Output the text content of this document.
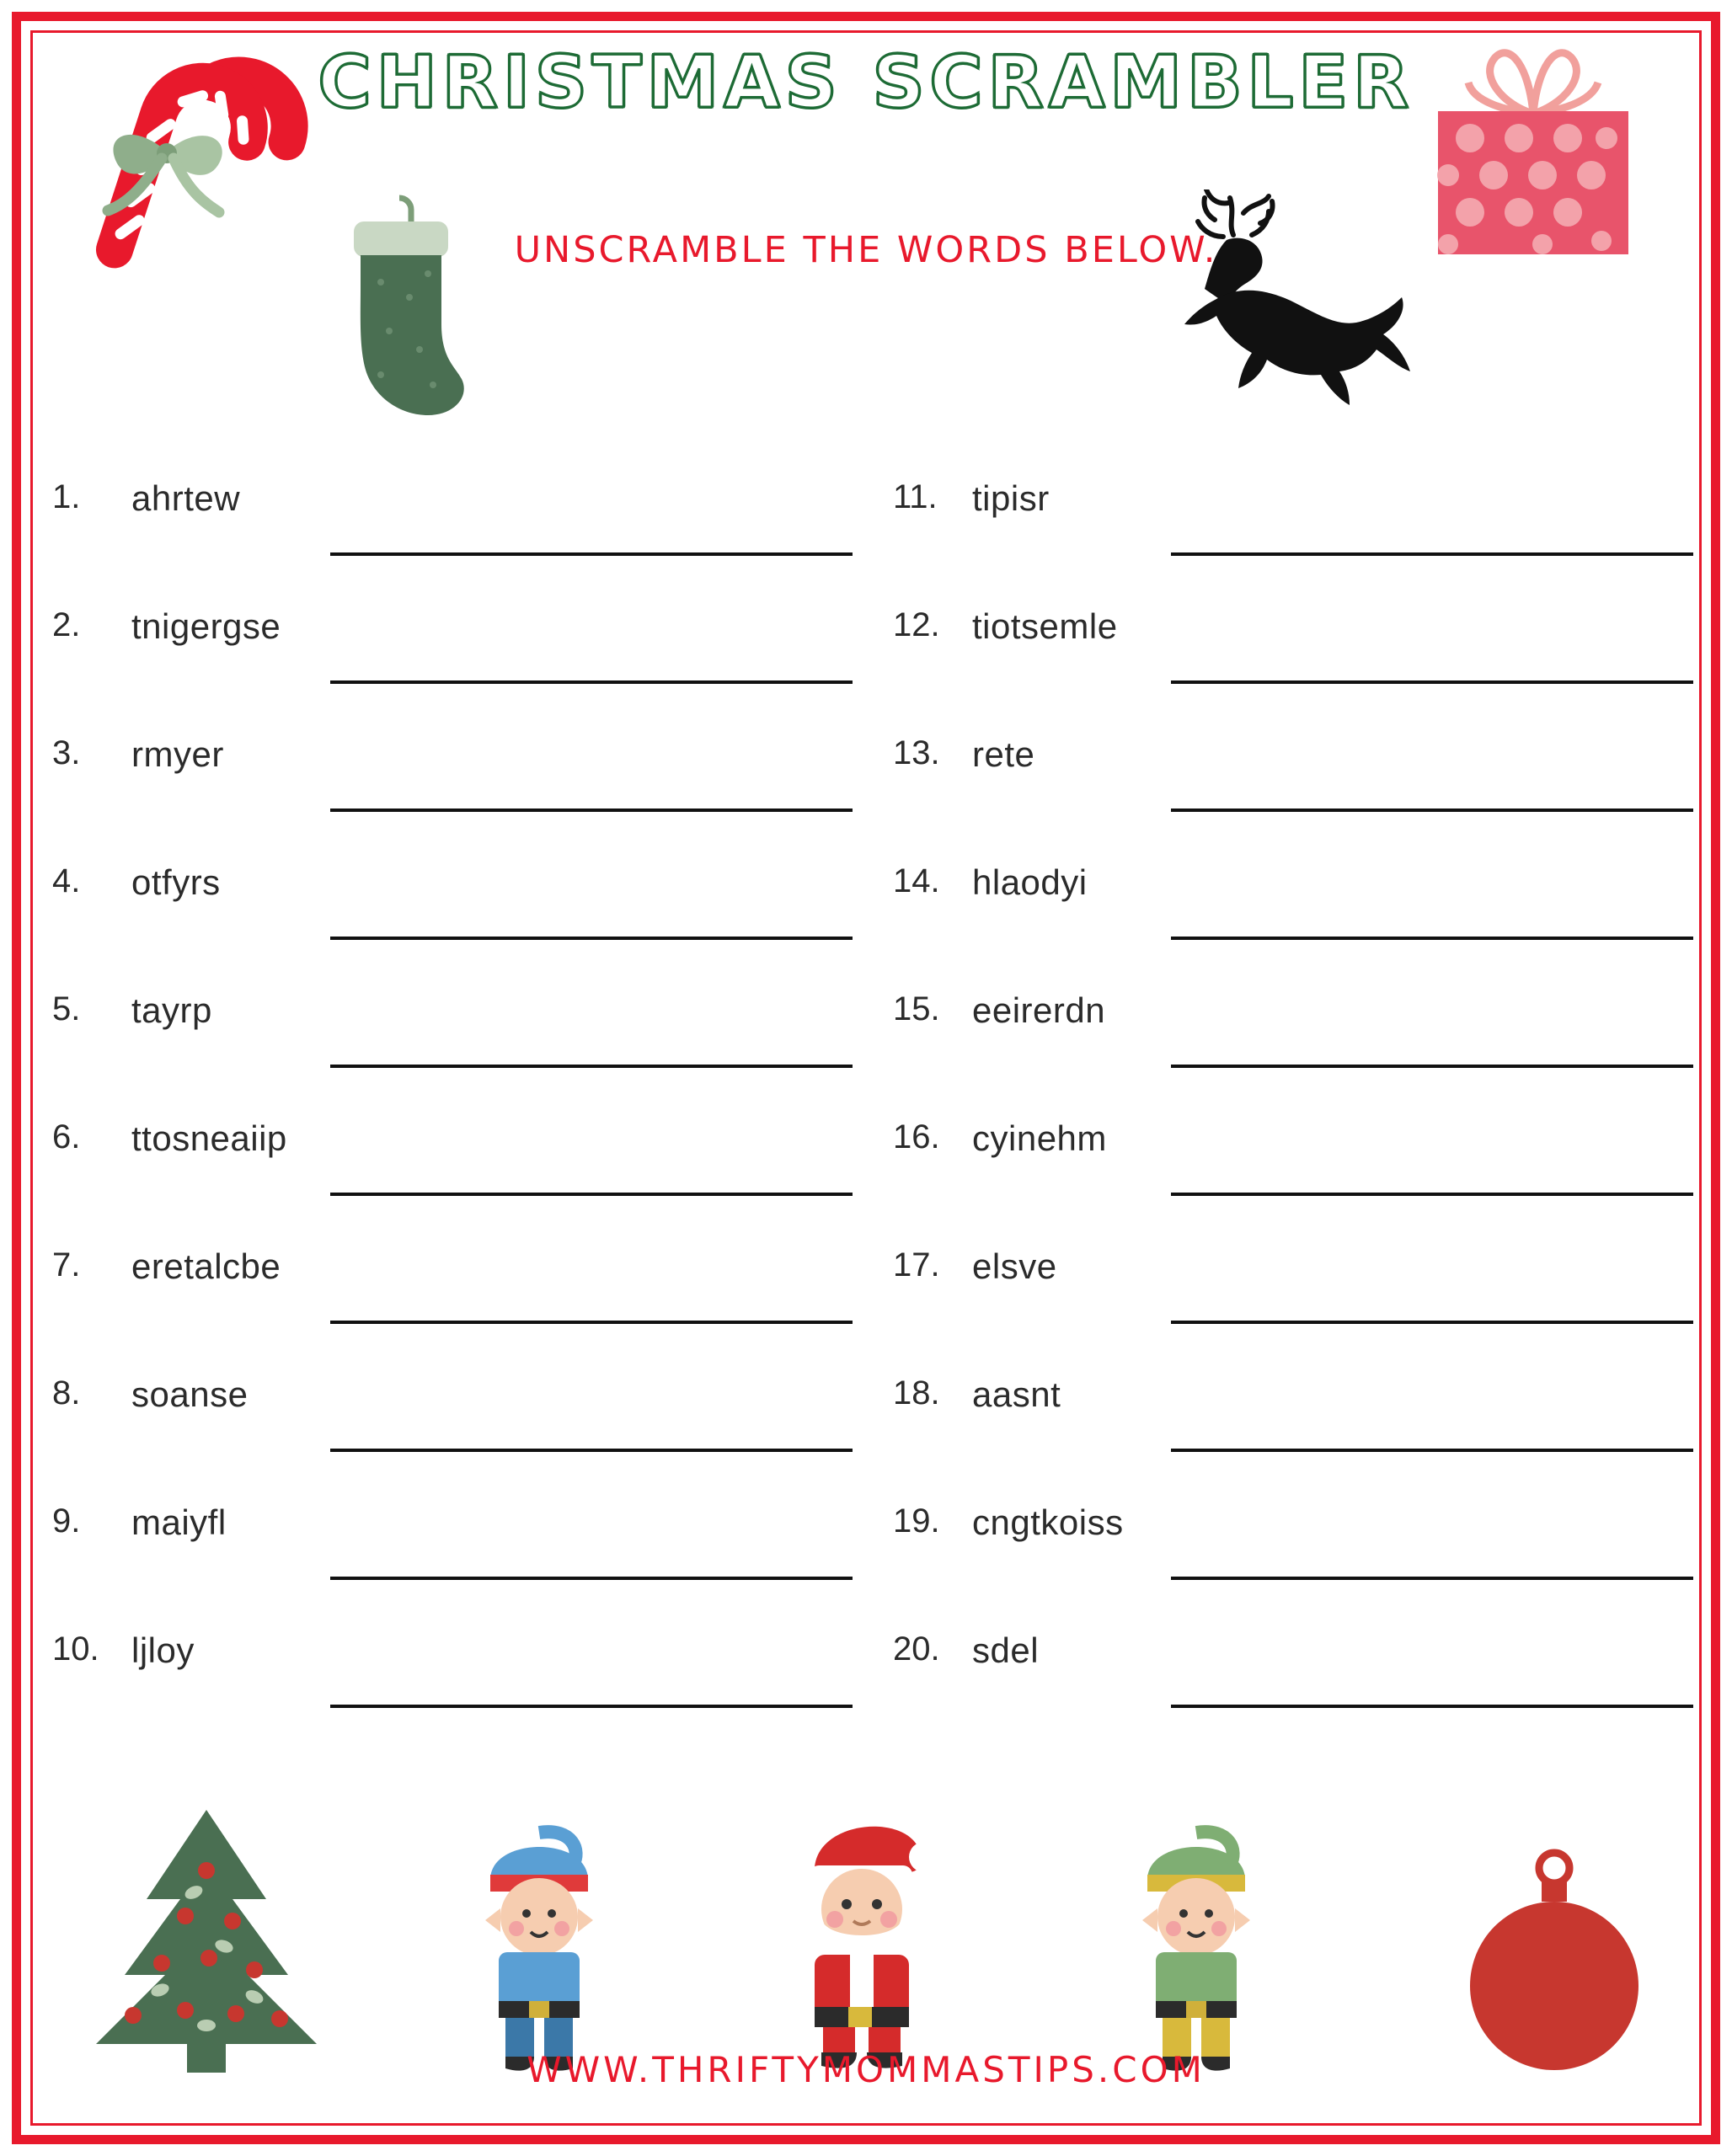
CHRISTMAS SCRAMBLER
UNSCRAMBLE THE WORDS BELOW.
1.	ahrtew
2.	tnigergse
3.	rmyer
4.	otfyrs
5.	tayrp
6.	ttosneaiip
7.	eretalcbe
8.	soanse
9.	maiyfl
10. ljloy
11. tipisr
12. tiotsemle
13. rete
14. hlaodyi
15. eeirerdn
16. cyinehm
17. elsve
18. aasnt
19. cngtkoiss
20. sdel
WWW.THRIFTYMOMMASTIPS.COM
